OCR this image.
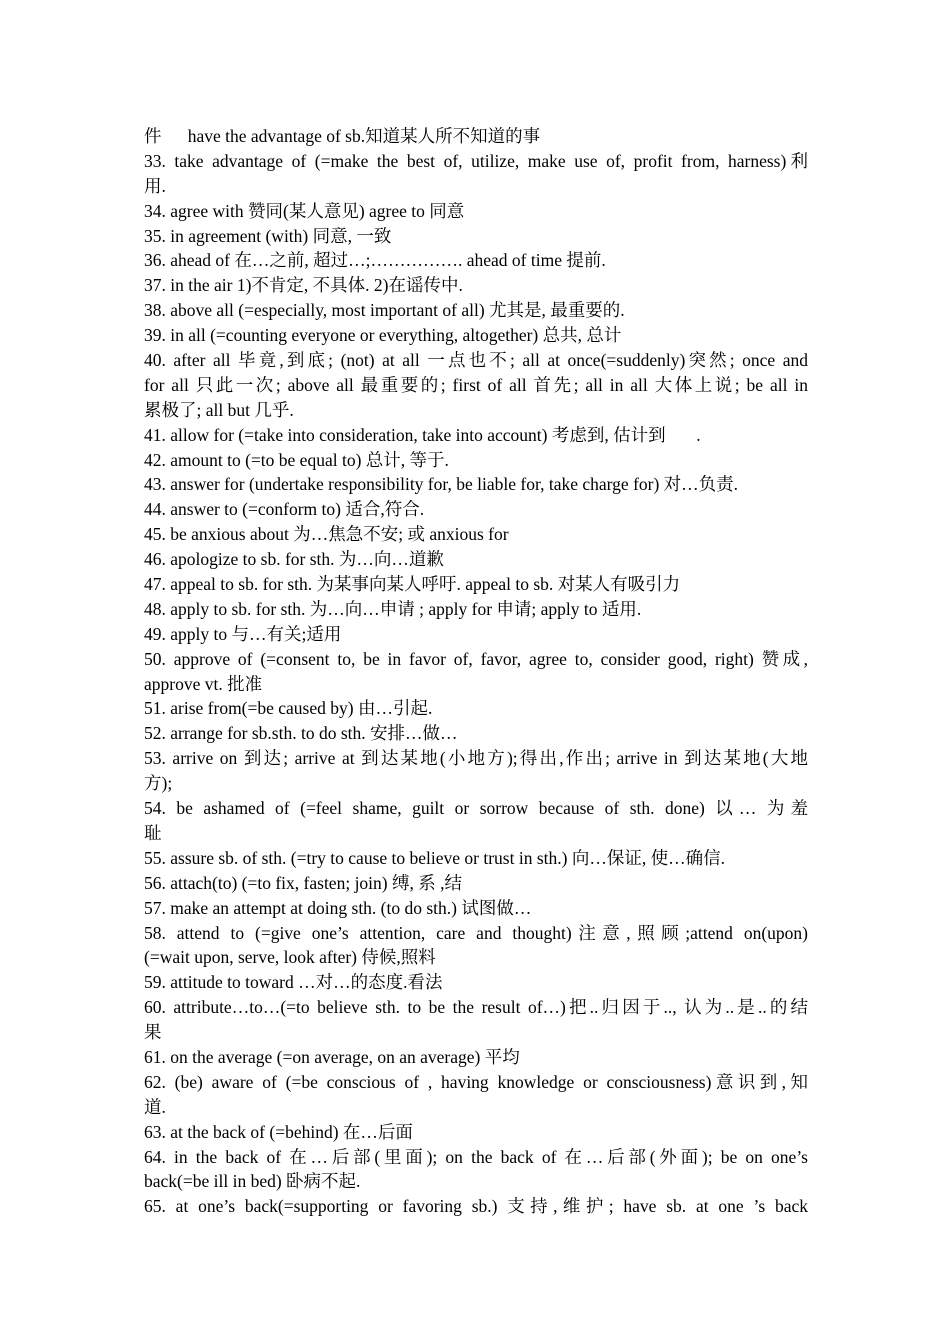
件      have the advantage of sb.知道某人所不知道的事
33. take advantage of (=make the best of, utilize, make use of, profit from, harness)利
用.
34. agree with 赞同(某人意见) agree to 同意
35. in agreement (with) 同意, 一致
36. ahead of 在…之前, 超过…;……………. ahead of time 提前.
37. in the air 1)不肯定, 不具体. 2)在谣传中.
38. above all (=especially, most important of all) 尤其是, 最重要的.
39. in all (=counting everyone or everything, altogether) 总共, 总计
40. after all 毕竟,到底; (not) at all 一点也不; all at once(=suddenly)突然; once and
for all 只此一次; above all 最重要的; first of all 首先; all in all 大体上说; be all in
累极了; all but 几乎.
41. allow for (=take into consideration, take into account) 考虑到, 估计到       .
42. amount to (=to be equal to) 总计, 等于.
43. answer for (undertake responsibility for, be liable for, take charge for) 对…负责.
44. answer to (=conform to) 适合,符合.
45. be anxious about 为…焦急不安; 或 anxious for
46. apologize to sb. for sth. 为…向…道歉
47. appeal to sb. for sth. 为某事向某人呼吁. appeal to sb. 对某人有吸引力
48. apply to sb. for sth. 为…向…申请 ; apply for 申请; apply to 适用.
49. apply to 与…有关;适用
50. approve of (=consent to, be in favor of, favor, agree to, consider good, right) 赞成,
approve vt. 批准
51. arise from(=be caused by) 由…引起.
52. arrange for sb.sth. to do sth. 安排…做…
53. arrive on 到达; arrive at 到达某地(小地方);得出,作出; arrive in 到达某地(大地
方);
54. be ashamed of (=feel shame, guilt or sorrow because of sth. done) 以… 为羞
耻
55. assure sb. of sth. (=try to cause to believe or trust in sth.) 向…保证, 使…确信.
56. attach(to) (=to fix, fasten; join) 缚, 系 ,结
57. make an attempt at doing sth. (to do sth.) 试图做…
58. attend to (=give one’s attention, care and thought)注意,照顾;attend on(upon)
(=wait upon, serve, look after) 侍候,照料
59. attitude to toward …对…的态度.看法
60. attribute…to…(=to believe sth. to be the result of…)把..归因于.., 认为..是..的结
果
61. on the average (=on average, on an average) 平均
62. (be) aware of (=be conscious of , having knowledge or consciousness)意识到,知
道.
63. at the back of (=behind) 在…后面
64. in the back of 在…后部(里面); on the back of 在…后部(外面); be on one’s
back(=be ill in bed) 卧病不起.
65. at one’s back(=supporting or favoring sb.) 支持,维护; have sb. at one ’s back
